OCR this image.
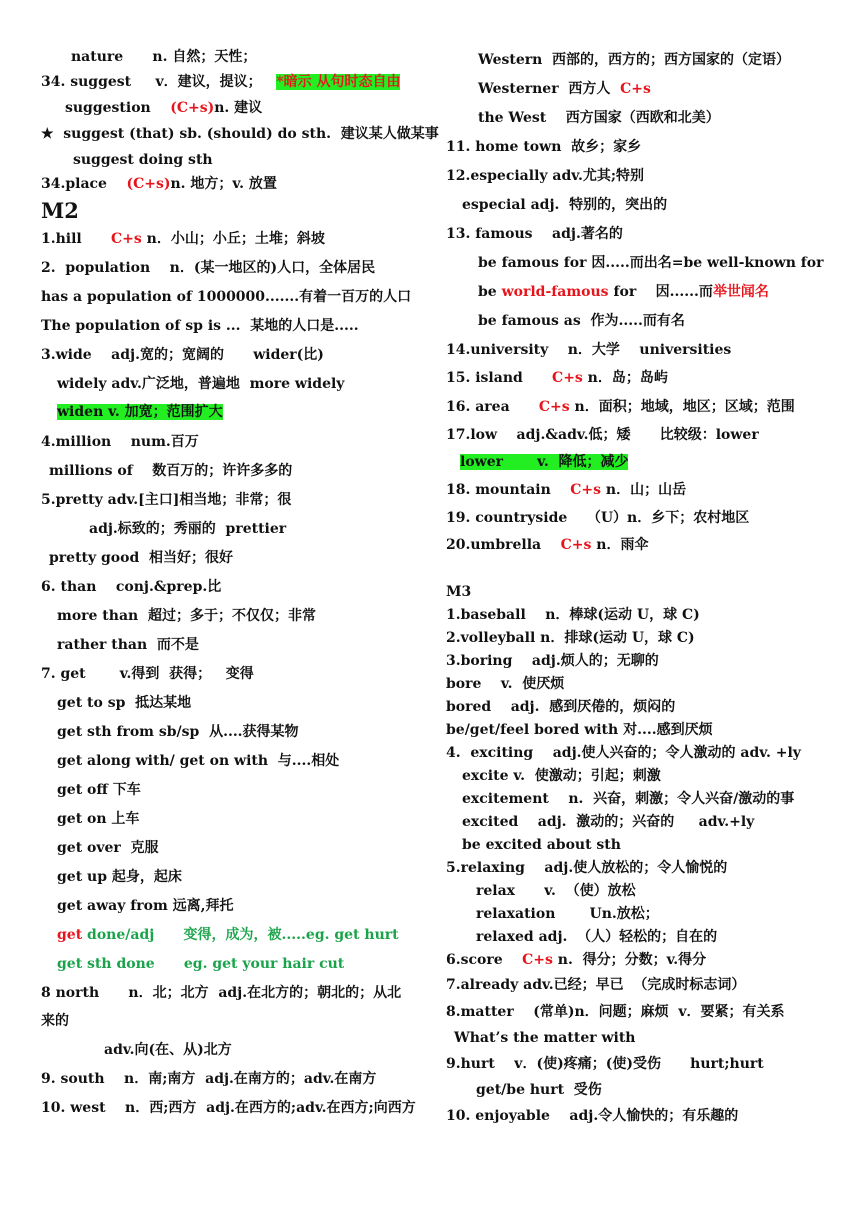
nature      n. 自然；天性；
34. suggest     v．建议，提议；   *暗示 从句时态自由
suggestion    (C+s)n. 建议
★  suggest (that) sb. (should) do sth.  建议某人做某事
suggest doing sth
34.place    (C+s)n. 地方；v. 放置
M2
1.hill      C+s n．小山；小丘；土堆；斜坡
2.  population    n．(某一地区的)人口，全体居民
has a population of 1000000.......有着一百万的人口
The population of sp is ...  某地的人口是.....
3.wide    adj.宽的；宽阔的      wider(比)
widely adv.广泛地，普遍地  more widely
widen v. 加宽；范围扩大
4.million    num.百万
millions of    数百万的；许许多多的
5.pretty adv.[主口]相当地；非常；很
adj.标致的；秀丽的  prettier
pretty good  相当好；很好
6. than    conj.&prep.比
more than  超过；多于；不仅仅；非常
rather than  而不是
7. get       v.得到  获得；   变得
get to sp  抵达某地
get sth from sb/sp  从....获得某物
get along with/ get on with  与....相处
get off 下车
get on 上车
get over  克服
get up 起身，起床
get away from 远离,拜托
get done/adj      变得，成为，被.....eg. get hurt
get sth done      eg. get your hair cut
8 north      n．北；北方  adj.在北方的；朝北的；从北
来的
adv.向(在、从)北方
9. south    n．南;南方  adj.在南方的；adv.在南方
10. west    n．西;西方  adj.在西方的;adv.在西方;向西方
Western  西部的，西方的；西方国家的（定语）
Westerner  西方人  C+s
the West    西方国家（西欧和北美）
11. home town  故乡；家乡
12.especially adv.尤其;特别
especial adj.  特别的，突出的
13. famous    adj.著名的
be famous for 因.....而出名=be well-known for
be world-famous for    因......而举世闻名
be famous as  作为.....而有名
14.university    n．大学    universities
15. island      C+s n．岛；岛屿
16. area      C+s n．面积；地域，地区；区域；范围
17.low    adj.&adv.低；矮      比较级：lower
lower       v.  降低；减少
18. mountain    C+s n．山；山岳
19. countryside    （U）n．乡下；农村地区
20.umbrella    C+s n．雨伞
M3
1.baseball    n．棒球(运动 U，球 C)
2.volleyball n．排球(运动 U，球 C)
3.boring    adj.烦人的；无聊的
bore    v.  使厌烦
bored    adj.  感到厌倦的，烦闷的
be/get/feel bored with 对....感到厌烦
4.  exciting    adj.使人兴奋的；令人激动的 adv. +ly
excite v.  使激动；引起；刺激
excitement    n.  兴奋，刺激；令人兴奋/激动的事
excited    adj.  激动的；兴奋的     adv.+ly
be excited about sth
5.relaxing    adj.使人放松的；令人愉悦的
relax      v.  （使）放松
relaxation       Un.放松；
relaxed adj.  （人）轻松的；自在的
6.score    C+s n.  得分；分数；v.得分
7.already adv.已经；早已  （完成时标志词）
8.matter    (常单)n．问题；麻烦  v．要紧；有关系
What’s the matter with
9.hurt    v．(使)疼痛；(使)受伤      hurt;hurt
get/be hurt  受伤
10. enjoyable    adj.令人愉快的；有乐趣的
